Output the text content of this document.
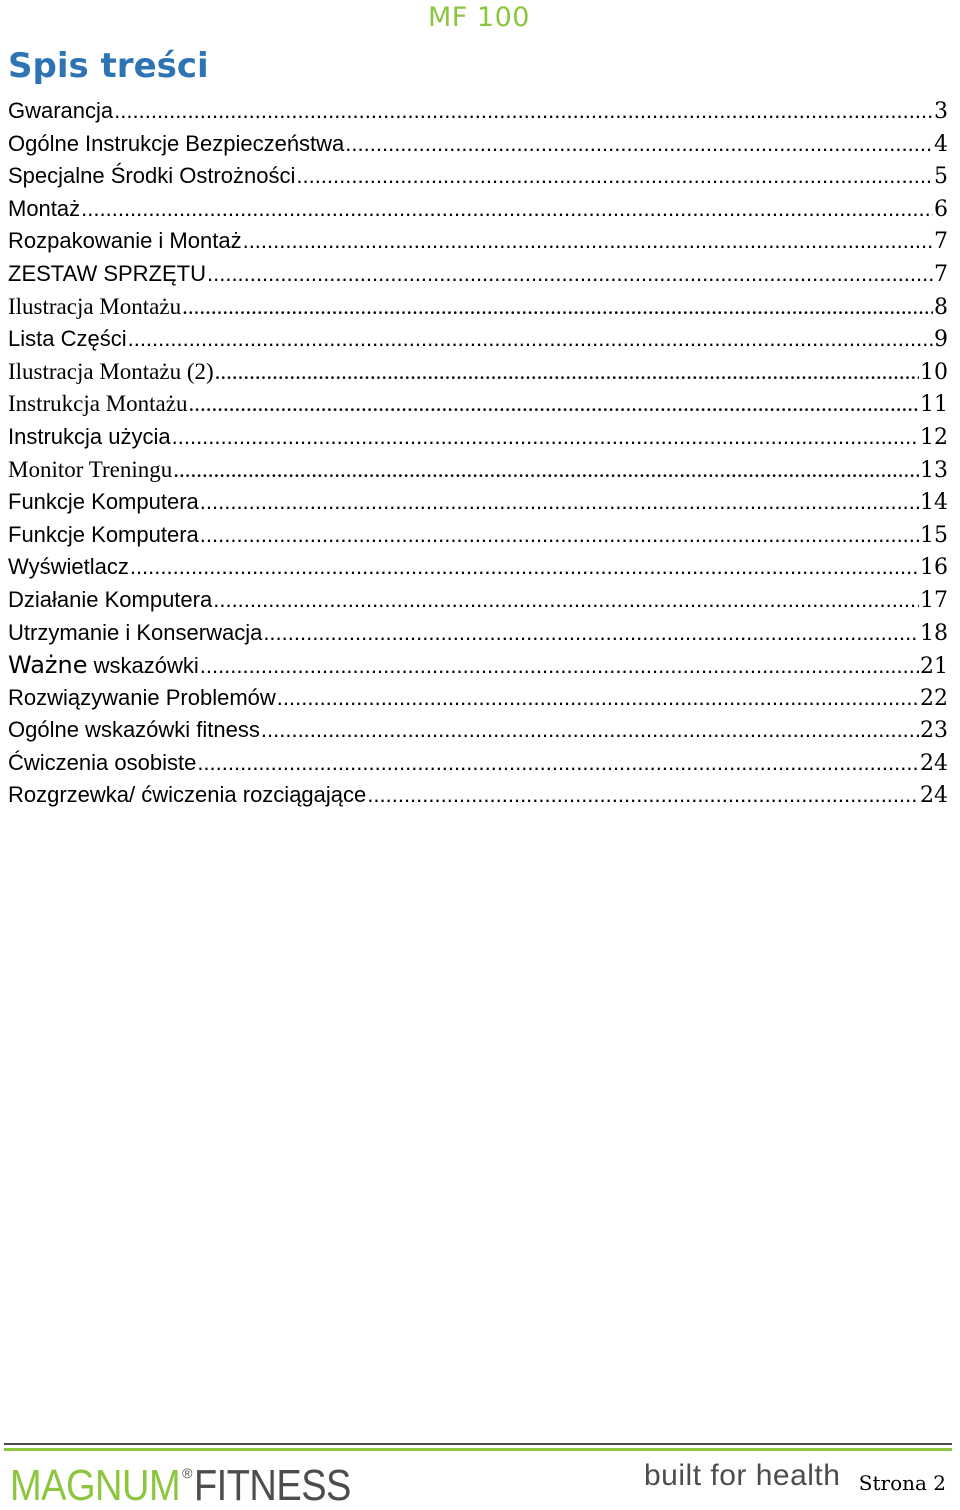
MF 100
Spis treści
Gwarancja .....	3
Ogólne Instrukcje Bezpieczeństwa .....	4
Specjalne Środki Ostrożności .....	5
Montaż .....	6
Rozpakowanie i Montaż .....	7
ZESTAW SPRZĘTU .....	7
Ilustracja Montażu .....	8
Lista Części .....	9
Ilustracja Montażu (2) .....	10
Instrukcja Montażu .....	11
Instrukcja użycia .....	12
Monitor Treningu .....	13
Funkcje Komputera .....	14
Funkcje Komputera .....	15
Wyświetlacz .....	16
Działanie Komputera .....	17
Utrzymanie i Konserwacja .....	18
Ważne wskazówki .....	21
Rozwiązywanie Problemów .....	22
Ogólne wskazówki fitness .....	23
Ćwiczenia osobiste .....	24
Rozgrzewka/ ćwiczenia rozciągające .....	24
MAGNUM ®FITNESS	built for health Strona 2
